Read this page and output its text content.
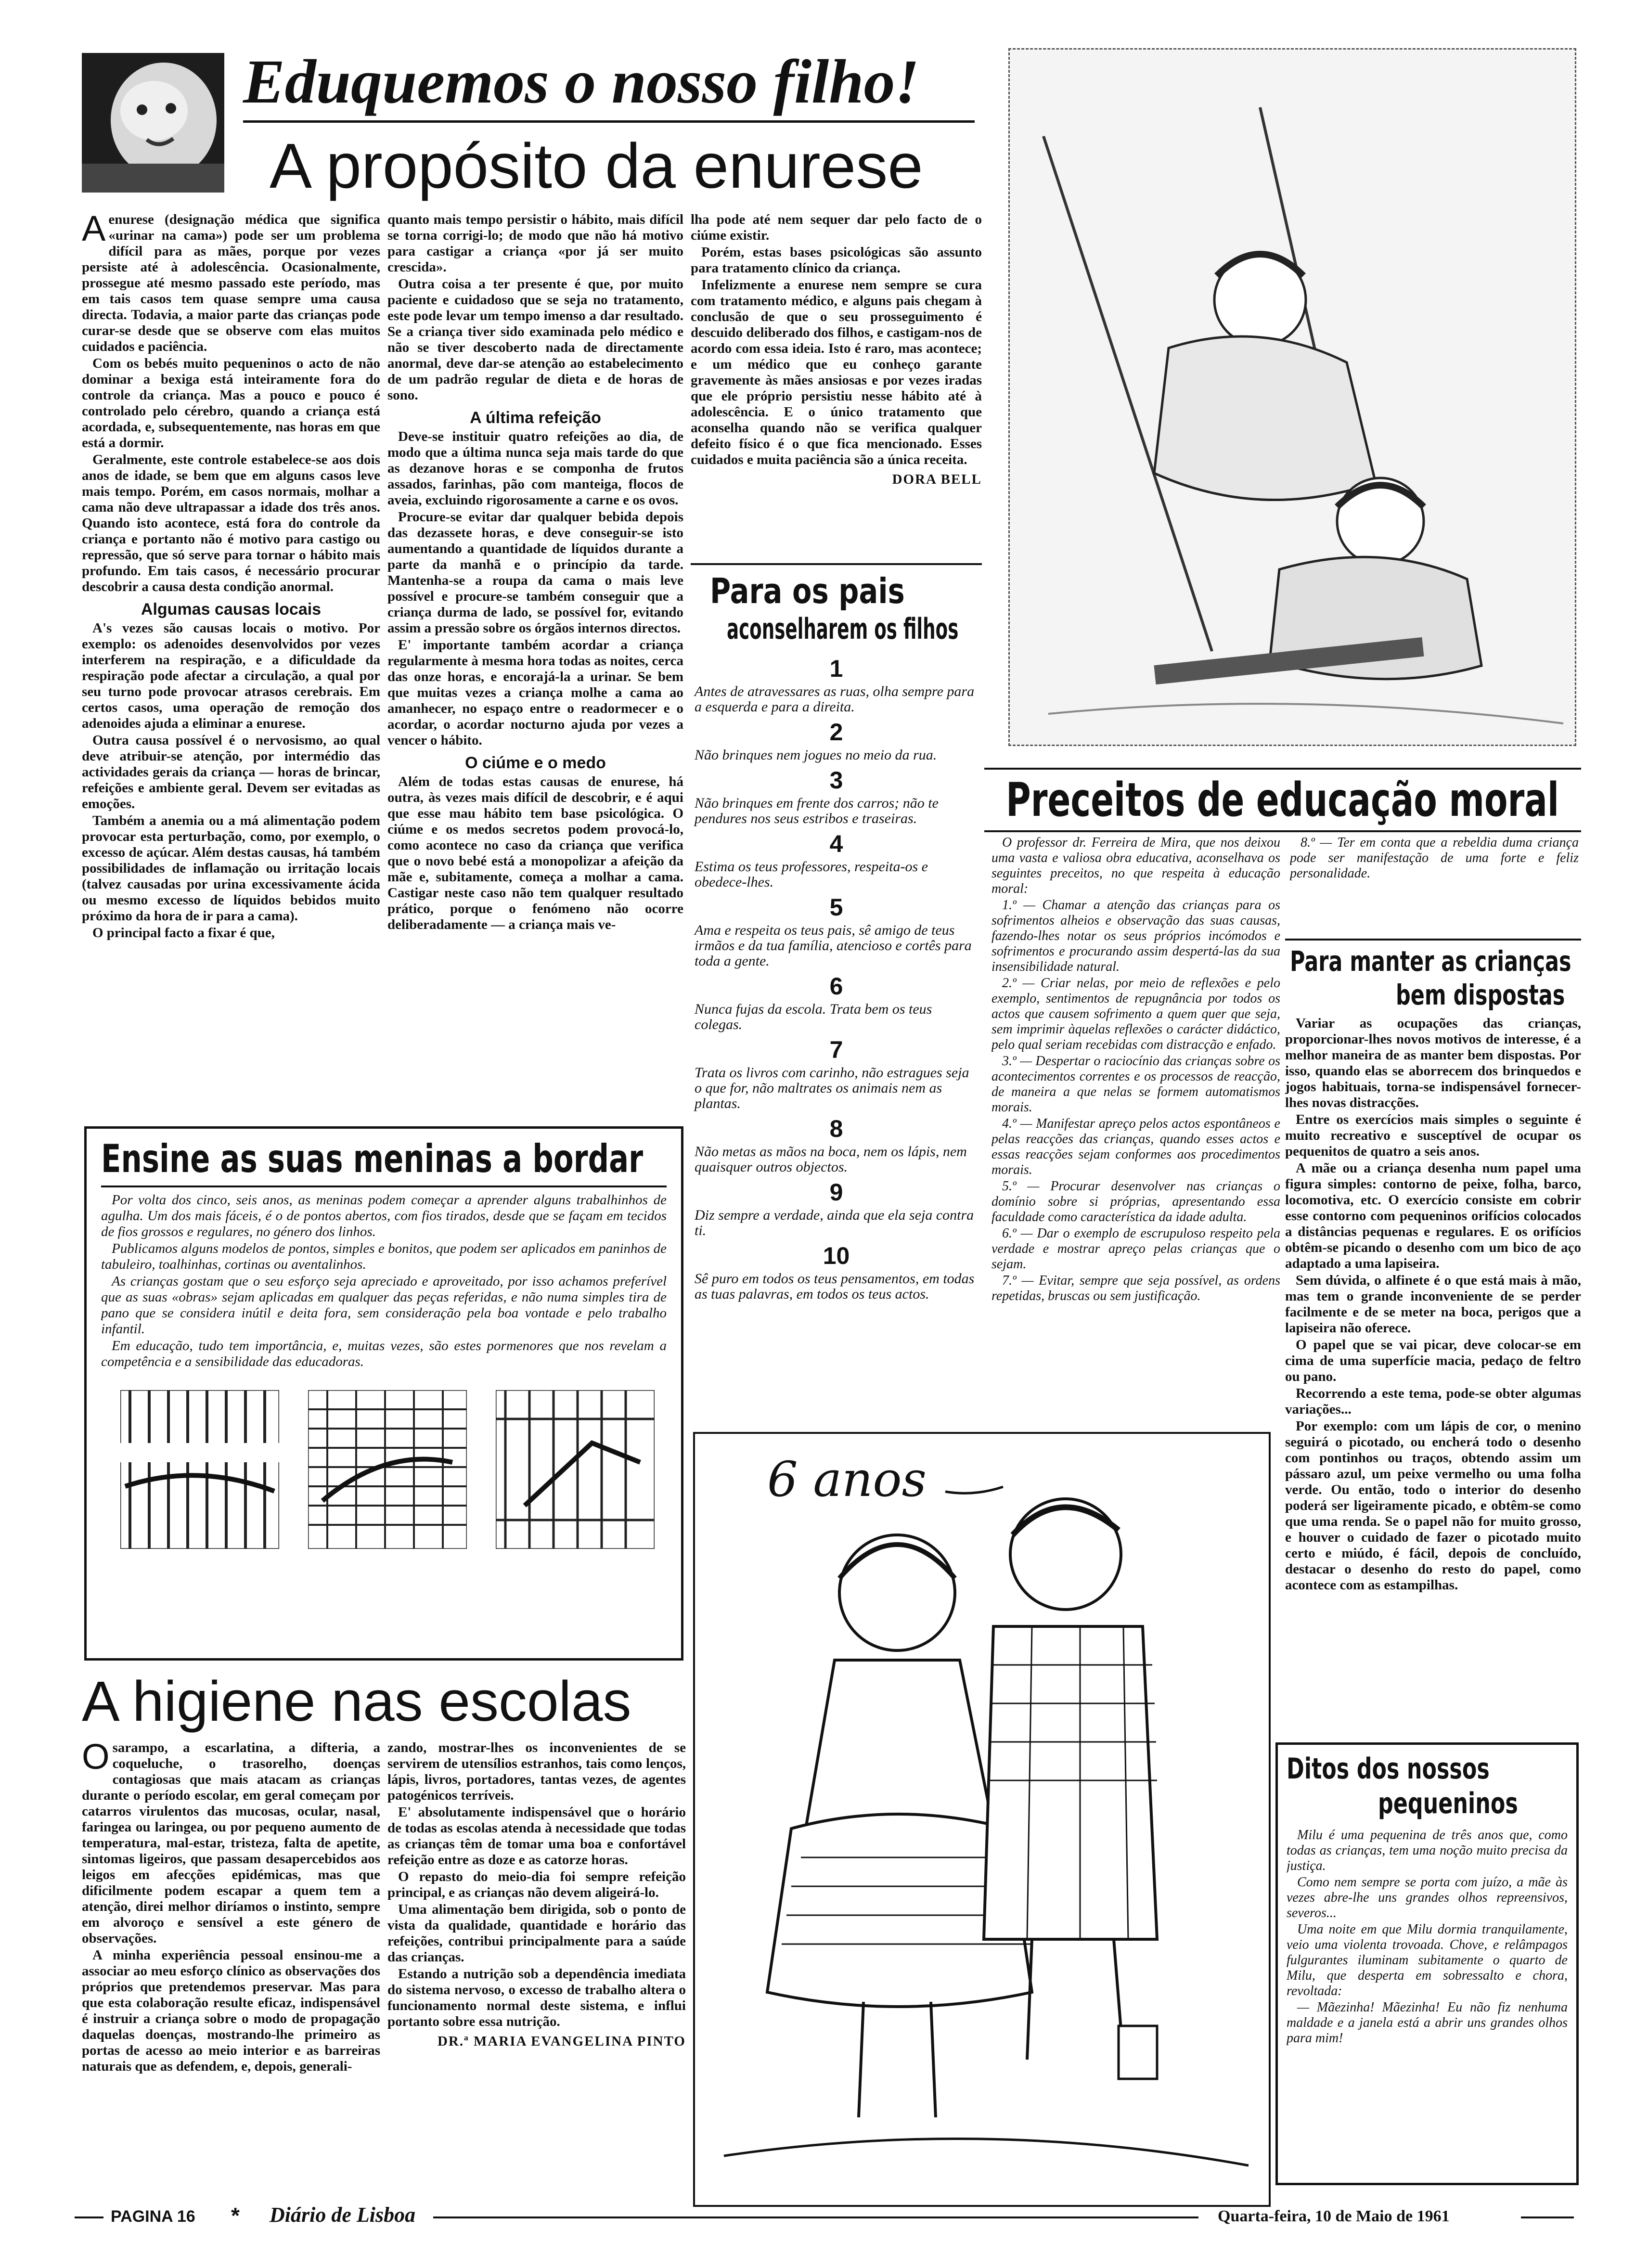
Eduquemos o nosso filho!
A propósito da enurese

Aenurese (designação médica que significa «urinar na cama») pode ser um problema difícil para as mães, porque por vezes persiste até à adolescência. Ocasionalmente, prossegue até mesmo passado este período, mas em tais casos tem quase sempre uma causa directa. Todavia, a maior parte das crianças pode curar-se desde que se observe com elas muitos cuidados e paciência.

Com os bebés muito pequeninos o acto de não dominar a bexiga está inteiramente fora do controle da criança. Mas a pouco e pouco é controlado pelo cérebro, quando a criança está acordada, e, subsequentemente, nas horas em que está a dormir.

Geralmente, este controle estabelece-se aos dois anos de idade, se bem que em alguns casos leve mais tempo. Porém, em casos normais, molhar a cama não deve ultrapassar a idade dos três anos. Quando isto acontece, está fora do controle da criança e portanto não é motivo para castigo ou repressão, que só serve para tornar o hábito mais profundo. Em tais casos, é necessário procurar descobrir a causa desta condição anormal.

Algumas causas locais

A's vezes são causas locais o motivo. Por exemplo: os adenoides desenvolvidos por vezes interferem na respiração, e a dificuldade da respiração pode afectar a circulação, a qual por seu turno pode provocar atrasos cerebrais. Em certos casos, uma operação de remoção dos adenoides ajuda a eliminar a enurese.

Outra causa possível é o nervosismo, ao qual deve atribuir-se atenção, por intermédio das actividades gerais da criança — horas de brincar, refeições e ambiente geral. Devem ser evitadas as emoções.

Também a anemia ou a má alimentação podem provocar esta perturbação, como, por exemplo, o excesso de açúcar. Além destas causas, há também possibilidades de inflamação ou irritação locais (talvez causadas por urina excessivamente ácida ou mesmo excesso de líquidos bebidos muito próximo da hora de ir para a cama).

O principal facto a fixar é que,

quanto mais tempo persistir o hábito, mais difícil se torna corrigi-lo; de modo que não há motivo para castigar a criança «por já ser muito crescida».

Outra coisa a ter presente é que, por muito paciente e cuidadoso que se seja no tratamento, este pode levar um tempo imenso a dar resultado. Se a criança tiver sido examinada pelo médico e não se tiver descoberto nada de directamente anormal, deve dar-se atenção ao estabelecimento de um padrão regular de dieta e de horas de sono.

A última refeição

Deve-se instituir quatro refeições ao dia, de modo que a última nunca seja mais tarde do que as dezanove horas e se componha de frutos assados, farinhas, pão com manteiga, flocos de aveia, excluindo rigorosamente a carne e os ovos.

Procure-se evitar dar qualquer bebida depois das dezassete horas, e deve conseguir-se isto aumentando a quantidade de líquidos durante a parte da manhã e o princípio da tarde. Mantenha-se a roupa da cama o mais leve possível e procure-se também conseguir que a criança durma de lado, se possível for, evitando assim a pressão sobre os órgãos internos directos.

E' importante também acordar a criança regularmente à mesma hora todas as noites, cerca das onze horas, e encorajá-la a urinar. Se bem que muitas vezes a criança molhe a cama ao amanhecer, no espaço entre o readormecer e o acordar, o acordar nocturno ajuda por vezes a vencer o hábito.

O ciúme e o medo

Além de todas estas causas de enurese, há outra, às vezes mais difícil de descobrir, e é aqui que esse mau hábito tem base psicológica. O ciúme e os medos secretos podem provocá-lo, como acontece no caso da criança que verifica que o novo bebé está a monopolizar a afeição da mãe e, subitamente, começa a molhar a cama. Castigar neste caso não tem qualquer resultado prático, porque o fenómeno não ocorre deliberadamente — a criança mais ve-

lha pode até nem sequer dar pelo facto de o ciúme existir.

Porém, estas bases psicológicas são assunto para tratamento clínico da criança.

Infelizmente a enurese nem sempre se cura com tratamento médico, e alguns pais chegam à conclusão de que o seu prosseguimento é descuido deliberado dos filhos, e castigam-nos de acordo com essa ideia. Isto é raro, mas acontece; e um médico que eu conheço garante gravemente às mães ansiosas e por vezes iradas que ele próprio persistiu nesse hábito até à adolescência. E o único tratamento que aconselha quando não se verifica qualquer defeito físico é o que fica mencionado. Esses cuidados e muita paciência são a única receita.

DORA BELL
Para os pais
aconselharem os filhos
1
Antes de atravessares as ruas, olha sempre para a esquerda e para a direita.
2
Não brinques nem jogues no meio da rua.
3
Não brinques em frente dos carros; não te pendures nos seus estribos e traseiras.
4
Estima os teus professores, respeita-os e obedece-lhes.
5
Ama e respeita os teus pais, sê amigo de teus irmãos e da tua família, atencioso e cortês para toda a gente.
6
Nunca fujas da escola. Trata bem os teus colegas.
7
Trata os livros com carinho, não estragues seja o que for, não maltrates os animais nem as plantas.
8
Não metas as mãos na boca, nem os lápis, nem quaisquer outros objectos.
9
Diz sempre a verdade, ainda que ela seja contra ti.
10
Sê puro em todos os teus pensamentos, em todas as tuas palavras, em todos os teus actos.
Preceitos de educação moral

O professor dr. Ferreira de Mira, que nos deixou uma vasta e valiosa obra educativa, aconselhava os seguintes preceitos, no que respeita à educação moral:

1.º — Chamar a atenção das crianças para os sofrimentos alheios e observação das suas causas, fazendo-lhes notar os seus próprios incómodos e sofrimentos e procurando assim despertá-las da sua insensibilidade natural.

2.º — Criar nelas, por meio de reflexões e pelo exemplo, sentimentos de repugnância por todos os actos que causem sofrimento a quem quer que seja, sem imprimir àquelas reflexões o carácter didáctico, pelo qual seriam recebidas com distracção e enfado.

3.º — Despertar o raciocínio das crianças sobre os acontecimentos correntes e os processos de reacção, de maneira a que nelas se formem automatismos morais.

4.º — Manifestar apreço pelos actos espontâneos e pelas reacções das crianças, quando esses actos e essas reacções sejam conformes aos procedimentos morais.

5.º — Procurar desenvolver nas crianças o domínio sobre si próprias, apresentando essa faculdade como característica da idade adulta.

6.º — Dar o exemplo de escrupuloso respeito pela verdade e mostrar apreço pelas crianças que o sejam.

7.º — Evitar, sempre que seja possível, as ordens repetidas, bruscas ou sem justificação.

8.º — Ter em conta que a rebeldia duma criança pode ser manifestação de uma forte e feliz personalidade.

Para manter as crianças
bem dispostas

Variar as ocupações das crianças, proporcionar-lhes novos motivos de interesse, é a melhor maneira de as manter bem dispostas. Por isso, quando elas se aborrecem dos brinquedos e jogos habituais, torna-se indispensável fornecer-lhes novas distracções.

Entre os exercícios mais simples o seguinte é muito recreativo e susceptível de ocupar os pequenitos de quatro a seis anos.

A mãe ou a criança desenha num papel uma figura simples: contorno de peixe, folha, barco, locomotiva, etc. O exercício consiste em cobrir esse contorno com pequeninos orifícios colocados a distâncias pequenas e regulares. E os orifícios obtêm-se picando o desenho com um bico de aço adaptado a uma lapiseira.

Sem dúvida, o alfinete é o que está mais à mão, mas tem o grande inconveniente de se perder facilmente e de se meter na boca, perigos que a lapiseira não oferece.

O papel que se vai picar, deve colocar-se em cima de uma superfície macia, pedaço de feltro ou pano.

Recorrendo a este tema, pode-se obter algumas variações...

Por exemplo: com um lápis de cor, o menino seguirá o picotado, ou encherá todo o desenho com pontinhos ou traços, obtendo assim um pássaro azul, um peixe vermelho ou uma folha verde. Ou então, todo o interior do desenho poderá ser ligeiramente picado, e obtêm-se como que uma renda. Se o papel não for muito grosso, e houver o cuidado de fazer o picotado muito certo e miúdo, é fácil, depois de concluído, destacar o desenho do resto do papel, como acontece com as estampilhas.

Ditos dos nossos
pequeninos

Milu é uma pequenina de três anos que, como todas as crianças, tem uma noção muito precisa da justiça.

Como nem sempre se porta com juízo, a mãe às vezes abre-lhe uns grandes olhos repreensivos, severos...

Uma noite em que Milu dormia tranquilamente, veio uma violenta trovoada. Chove, e relâmpagos fulgurantes iluminam subitamente o quarto de Milu, que desperta em sobressalto e chora, revoltada:

— Mãezinha! Mãezinha! Eu não fiz nenhuma maldade e a janela está a abrir uns grandes olhos para mim!

Ensine as suas meninas a bordar

Por volta dos cinco, seis anos, as meninas podem começar a aprender alguns trabalhinhos de agulha. Um dos mais fáceis, é o de pontos abertos, com fios tirados, desde que se façam em tecidos de fios grossos e regulares, no género dos linhos.

Publicamos alguns modelos de pontos, simples e bonitos, que podem ser aplicados em paninhos de tabuleiro, toalhinhas, cortinas ou aventalinhos.

As crianças gostam que o seu esforço seja apreciado e aproveitado, por isso achamos preferível que as suas «obras» sejam aplicadas em qualquer das peças referidas, e não numa simples tira de pano que se considera inútil e deita fora, sem consideração pela boa vontade e pelo trabalho infantil.

Em educação, tudo tem importância, e, muitas vezes, são estes pormenores que nos revelam a competência e a sensibilidade das educadoras.

A higiene nas escolas

Osarampo, a escarlatina, a difteria, a coqueluche, o trasorelho, doenças contagiosas que mais atacam as crianças durante o período escolar, em geral começam por catarros virulentos das mucosas, ocular, nasal, faringea ou laringea, ou por pequeno aumento de temperatura, mal-estar, tristeza, falta de apetite, sintomas ligeiros, que passam desapercebidos aos leigos em afecções epidémicas, mas que dificilmente podem escapar a quem tem a atenção, direi melhor diríamos o instinto, sempre em alvoroço e sensível a este género de observações.

A minha experiência pessoal ensinou-me a associar ao meu esforço clínico as observações dos próprios que pretendemos preservar. Mas para que esta colaboração resulte eficaz, indispensável é instruir a criança sobre o modo de propagação daquelas doenças, mostrando-lhe primeiro as portas de acesso ao meio interior e as barreiras naturais que as defendem, e, depois, generali-

zando, mostrar-lhes os inconvenientes de se servirem de utensílios estranhos, tais como lenços, lápis, livros, portadores, tantas vezes, de agentes patogénicos terríveis.

E' absolutamente indispensável que o horário de todas as escolas atenda à necessidade que todas as crianças têm de tomar uma boa e confortável refeição entre as doze e as catorze horas.

O repasto do meio-dia foi sempre refeição principal, e as crianças não devem aligeirá-lo.

Uma alimentação bem dirigida, sob o ponto de vista da qualidade, quantidade e horário das refeições, contribui principalmente para a saúde das crianças.

Estando a nutrição sob a dependência imediata do sistema nervoso, o excesso de trabalho altera o funcionamento normal deste sistema, e influi portanto sobre essa nutrição.

DR.ª MARIA EVANGELINA PINTO
6 anos
PAGINA 16 * Diário de Lisboa	Quarta-feira, 10 de Maio de 1961
